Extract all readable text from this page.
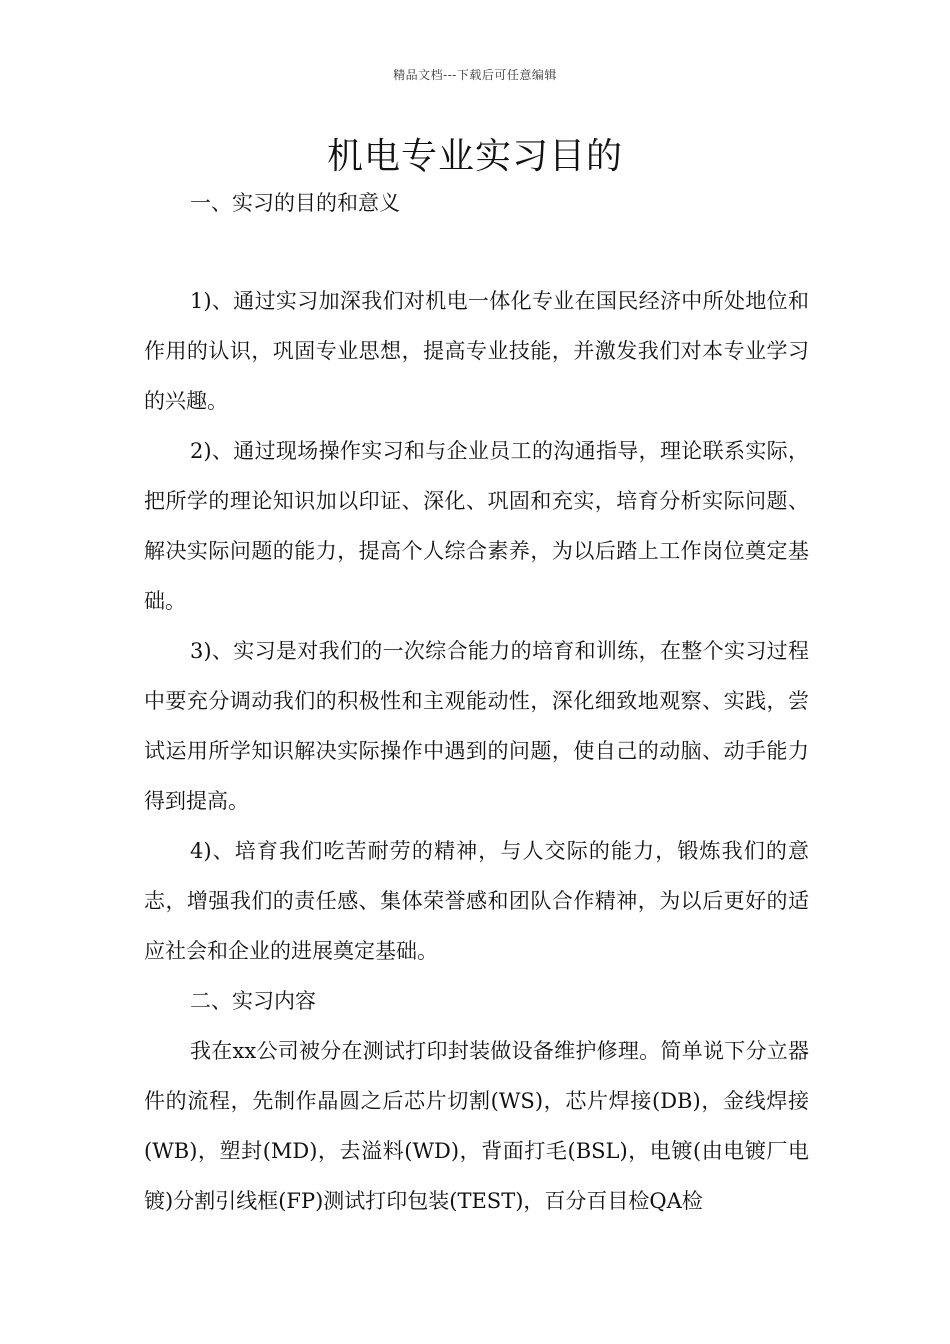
精品文档---下载后可任意编辑
机电专业实习目的

一、实习的目的和意义

1)、通过实习加深我们对机电一体化专业在国民经济中所处地位和作用的认识，巩固专业思想，提高专业技能，并激发我们对本专业学习的兴趣。

2)、通过现场操作实习和与企业员工的沟通指导，理论联系实际，把所学的理论知识加以印证、深化、巩固和充实，培育分析实际问题、解决实际问题的能力，提高个人综合素养，为以后踏上工作岗位奠定基础。

3)、实习是对我们的一次综合能力的培育和训练，在整个实习过程中要充分调动我们的积极性和主观能动性，深化细致地观察、实践，尝试运用所学知识解决实际操作中遇到的问题，使自己的动脑、动手能力得到提高。

4)、培育我们吃苦耐劳的精神，与人交际的能力，锻炼我们的意志，增强我们的责任感、集体荣誉感和团队合作精神，为以后更好的适应社会和企业的进展奠定基础。

二、实习内容

我在xx公司被分在测试打印封装做设备维护修理。简单说下分立器件的流程，先制作晶圆之后芯片切割(WS)，芯片焊接(DB)，金线焊接(WB)，塑封(MD)，去溢料(WD)，背面打毛(BSL)，电镀(由电镀厂电镀)分割引线框(FP)测试打印包装(TEST)，百分百目检QA检
